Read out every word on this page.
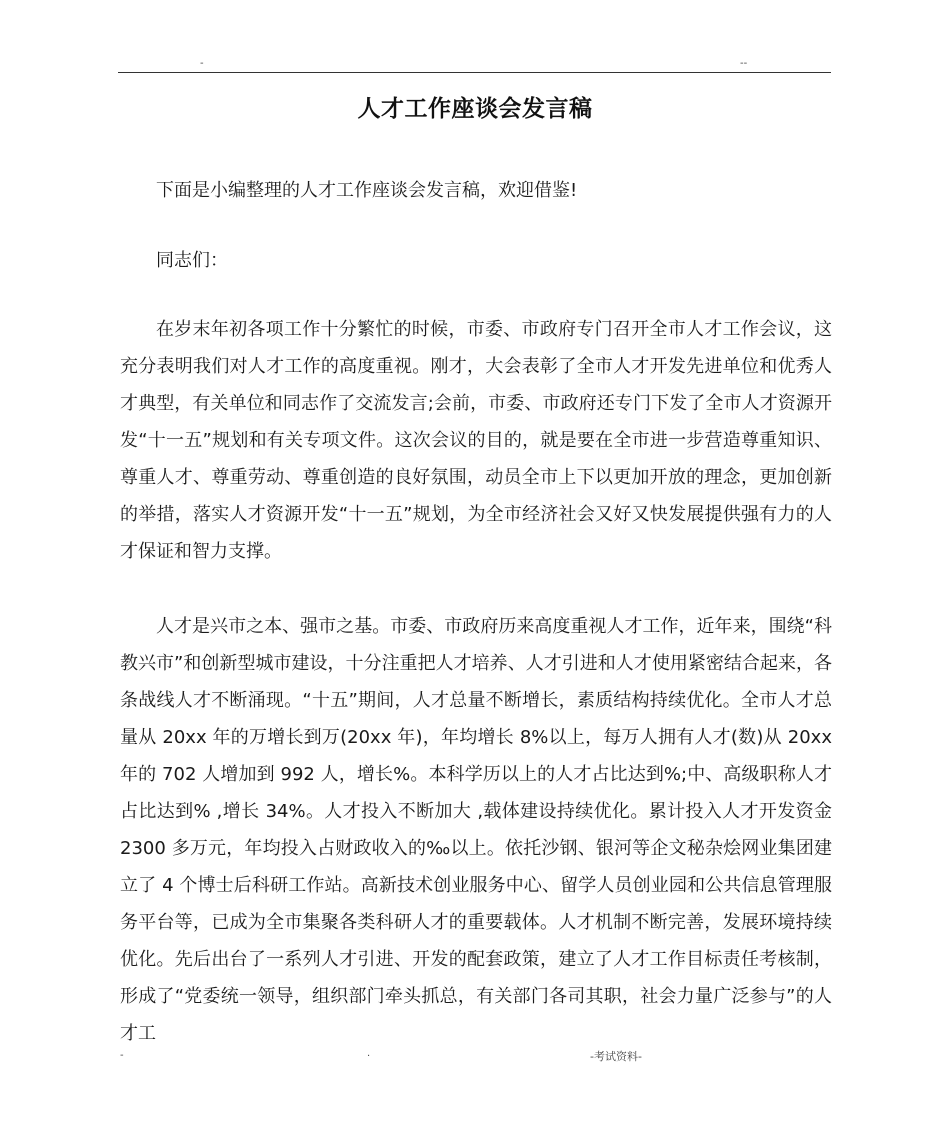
-	--
人才工作座谈会发言稿

下面是小编整理的人才工作座谈会发言稿，欢迎借鉴!

同志们：

在岁末年初各项工作十分繁忙的时候，市委、市政府专门召开全市人才工作会议，这充分表明我们对人才工作的高度重视。刚才，大会表彰了全市人才开发先进单位和优秀人才典型，有关单位和同志作了交流发言;会前，市委、市政府还专门下发了全市人才资源开发“十一五”规划和有关专项文件。这次会议的目的，就是要在全市进一步营造尊重知识、尊重人才、尊重劳动、尊重创造的良好氛围，动员全市上下以更加开放的理念，更加创新的举措，落实人才资源开发“十一五”规划，为全市经济社会又好又快发展提供强有力的人才保证和智力支撑。

人才是兴市之本、强市之基。市委、市政府历来高度重视人才工作，近年来，围绕“科教兴市”和创新型城市建设，十分注重把人才培养、人才引进和人才使用紧密结合起来，各条战线人才不断涌现。“十五”期间，人才总量不断增长，素质结构持续优化。全市人才总量从 20xx 年的万增长到万(20xx 年)，年均增长 8%以上，每万人拥有人才(数)从 20xx 年的 702 人增加到 992 人，增长%。本科学历以上的人才占比达到%;中、高级职称人才占比达到% ,增长 34%。人才投入不断加大 ,载体建设持续优化。累计投入人才开发资金 2300 多万元，年均投入占财政收入的‰以上。依托沙钢、银河等企文秘杂烩网业集团建立了 4 个博士后科研工作站。高新技术创业服务中心、留学人员创业园和公共信息管理服务平台等，已成为全市集聚各类科研人才的重要载体。人才机制不断完善，发展环境持续优化。先后出台了一系列人才引进、开发的配套政策，建立了人才工作目标责任考核制，形成了“党委统一领导，组织部门牵头抓总，有关部门各司其职，社会力量广泛参与”的人才工

-	.	-考试资料-
